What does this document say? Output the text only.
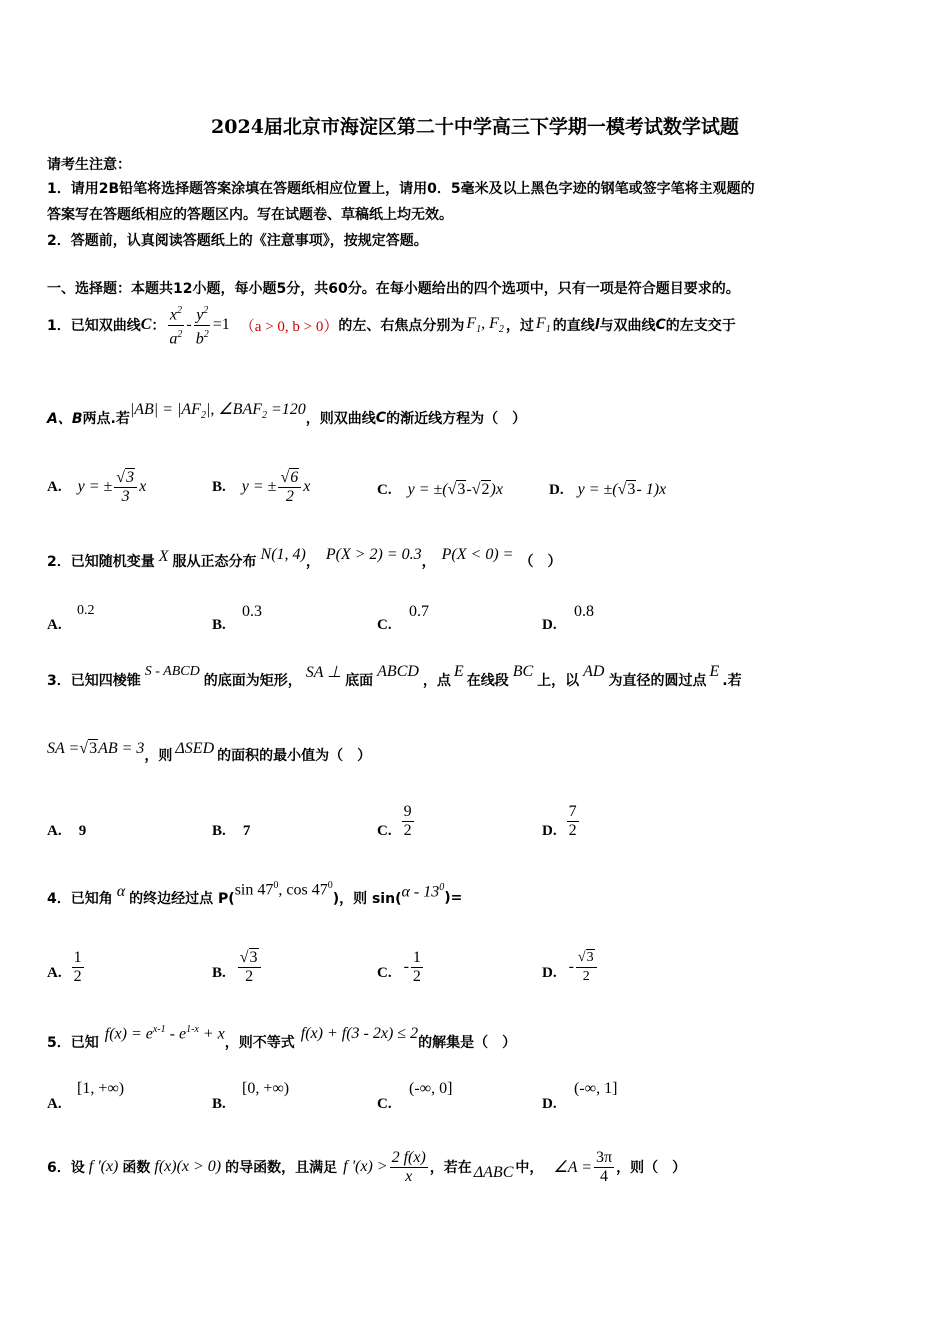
2024届北京市海淀区第二十中学高三下学期一模考试数学试题
请考生注意：
1．请用2B铅笔将选择题答案涂填在答题纸相应位置上，请用0．5毫米及以上黑色字迹的钢笔或签字笔将主观题的
答案写在答题纸相应的答题区内。写在试题卷、草稿纸上均无效。
2．答题前，认真阅读答题纸上的《注意事项》，按规定答题。
一、选择题：本题共12小题，每小题5分，共60分。在每小题给出的四个选项中，只有一项是符合题目要求的。
1．已知双曲线 C ： $\frac{x^2}{a^2} - \frac{y^2}{b^2} =1$ （a > 0, b > 0） 的左、右焦点分别为 $F_1$, $F_2$ ，过 $F_1$ 的直线 l 与双曲线 C 的左支交于
A、B 两点.若
$|AB| = |AF_2|$, $\angle BAF_2 =120$
，则双曲线 C 的渐近线方程为（　）
A. y = ± $\frac{√3}{3}$ x	B. y = ± $\frac{√6}{2}$ x	C. y = ±( √3 - √2 )x	D. y = ±( √3 - 1)x
2．已知随机变量 X 服从正态分布 N(1, 4) ， P(X > 2) = 0.3 ， P(X < 0) = （　）
A.
0.2
B.
0.3
C.
0.7
D.
0.8
3．已知四棱锥
S - ABCD
的底面为矩形， SA ⊥ 底面
ABCD
，点
E
在线段
BC
上，以
AD
为直径的圆过点
E
.若
SA = √3 AB = 3 ，则 ΔSED 的面积的最小值为（　）
A. 9	B. 7	C. $\frac{9}{2}$	D. $\frac{7}{2}$
4．已知角 α 的终边经过点 P(
$\sin 47^0$, $\cos 47^0$
)，则 sin( α - $13^0$
)=
A. $\frac{1}{2}$	B. $\frac{√3}{2}$	C. - $\frac{1}{2}$	D. - $\frac{√3}{2}$
5．已知
$f(x) = e^{x-1} - e^{1-x} + x$
，则不等式
f(x) + f(3 - 2x) ≤ 2
的解集是（　）
A.
[1, +∞)
B.
[0, +∞)
C.
(-∞, 0]
D.
(-∞, 1]
6．设 f '(x) 函数 f(x)(x > 0) 的导函数，且满足 f '$(x) > \frac{2 f(x)}{x}$ ，若在 ΔABC 中， ∠A = $\frac{3\pi}{4}$ ，则（　）
